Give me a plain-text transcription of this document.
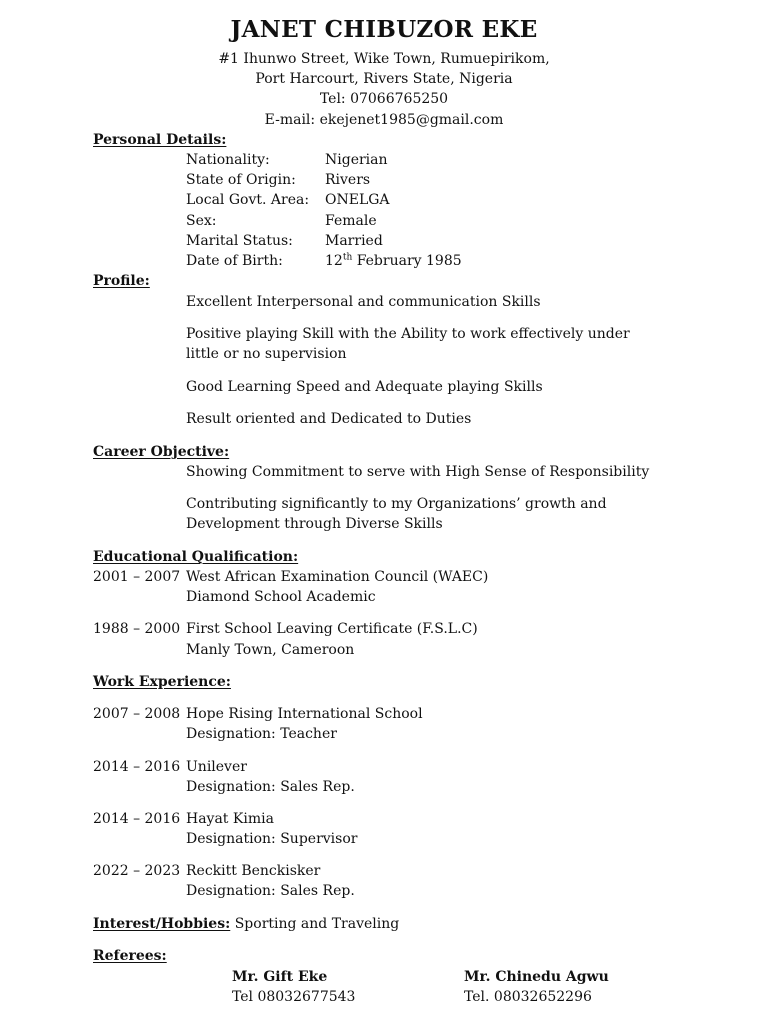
JANET CHIBUZOR EKE
#1 Ihunwo Street, Wike Town, Rumuepirikom,
Port Harcourt, Rivers State, Nigeria
Tel: 07066765250
E-mail: ekejenet1985@gmail.com
Personal Details:
Nationality:	Nigerian
State of Origin: Rivers
Local Govt. Area: ONELGA
Sex:	Female
Marital Status: Married
Date of Birth:	12th February 1985
Profile:
Excellent Interpersonal and communication Skills
Positive playing Skill with the Ability to work effectively under
little or no supervision
Good Learning Speed and Adequate playing Skills
Result oriented and Dedicated to Duties
Career Objective:
Showing Commitment to serve with High Sense of Responsibility
Contributing significantly to my Organizations’ growth and
Development through Diverse Skills
Educational Qualification:
2001 – 2007 West African Examination Council (WAEC)
Diamond School Academic
1988 – 2000 First School Leaving Certificate (F.S.L.C)
Manly Town, Cameroon
Work Experience:
2007 – 2008 Hope Rising International School
Designation: Teacher
2014 – 2016 Unilever
Designation: Sales Rep.
2014 – 2016 Hayat Kimia
Designation: Supervisor
2022 – 2023 Reckitt Benckisker
Designation: Sales Rep.
Interest/Hobbies: Sporting and Traveling
Referees:
Mr. Gift Eke
Tel 08032677543
Mr. Chinedu Agwu
Tel. 08032652296
